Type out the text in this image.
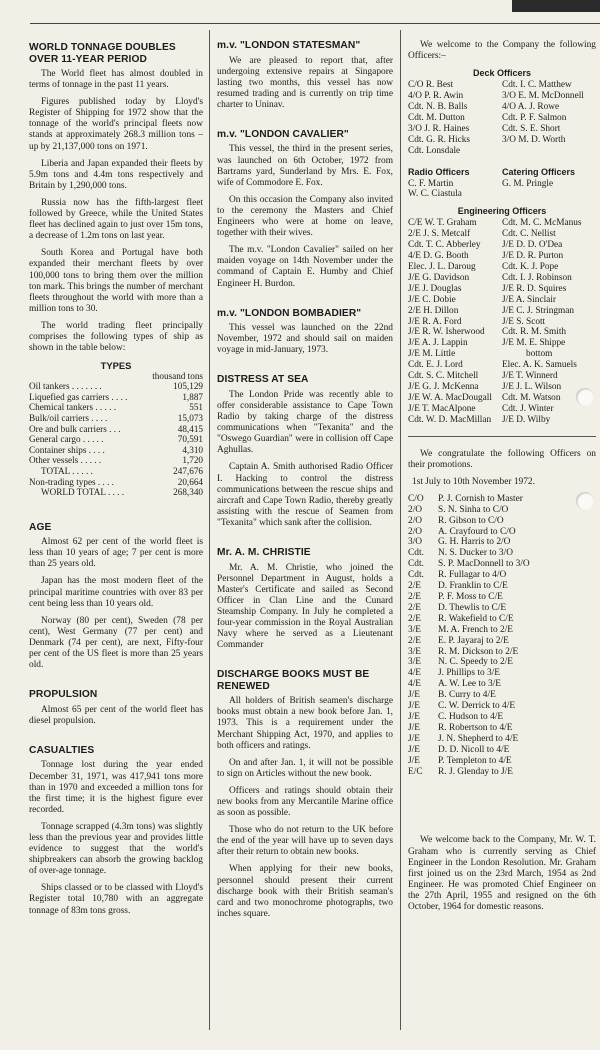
WORLD TONNAGE DOUBLES OVER 11-YEAR PERIOD

The World fleet has almost doubled in terms of tonnage in the past 11 years.

Figures published today by Lloyd's Register of Shipping for 1972 show that the tonnage of the world's principal fleets now stands at approximately 268.3 million tons – up by 21,137,000 tons on 1971.

Liberia and Japan expanded their fleets by 5.9m tons and 4.4m tons respectively and Britain by 1,290,000 tons.

Russia now has the fifth-largest fleet followed by Greece, while the United States fleet has declined again to just over 15m tons, a decrease of 1.2m tons on last year.

South Korea and Portugal have both expanded their merchant fleets by over 100,000 tons to bring them over the million ton mark. This brings the number of merchant fleets throughout the world with more than a million tons to 30.

The world trading fleet principally comprises the following types of ship as shown in the table below:

TYPES
thousand tons
Oil tankers . . . . . . .	105,129
Liquefied gas carriers . . . .	1,887
Chemical tankers . . . . .	551
Bulk/oil carriers . . . .	15,073
Ore and bulk carriers . . .	48,415
General cargo . . . . .	70,591
Container ships . . . .	4,310
Other vessels . . . . .	1,720
TOTAL . . . . .	247,676
Non-trading types . . . .	20,664
WORLD TOTAL . . . .	268,340
AGE

Almost 62 per cent of the world fleet is less than 10 years of age; 7 per cent is more than 25 years old.

Japan has the most modern fleet of the principal maritime countries with over 83 per cent being less than 10 years old.

Norway (80 per cent), Sweden (78 per cent), West Germany (77 per cent) and Denmark (74 per cent), are next, Fifty-four per cent of the US fleet is more than 25 years old.

PROPULSION

Almost 65 per cent of the world fleet has diesel propulsion.

CASUALTIES

Tonnage lost during the year ended December 31, 1971, was 417,941 tons more than in 1970 and exceeded a million tons for the first time; it is the highest figure ever recorded.

Tonnage scrapped (4.3m tons) was slightly less than the previous year and provides little evidence to suggest that the world's shipbreakers can absorb the growing backlog of over-age tonnage.

Ships classed or to be classed with Lloyd's Register total 10,780 with an aggregate tonnage of 83m tons gross.

m.v. "LONDON STATESMAN"

We are pleased to report that, after undergoing extensive repairs at Singapore lasting two months, this vessel has now resumed trading and is currently on trip time charter to Uninav.

m.v. "LONDON CAVALIER"

This vessel, the third in the present series, was launched on 6th October, 1972 from Bartrams yard, Sunderland by Mrs. E. Fox, wife of Commodore E. Fox.

On this occasion the Company also invited to the ceremony the Masters and Chief Engineers who were at home on leave, together with their wives.

The m.v. "London Cavalier" sailed on her maiden voyage on 14th November under the command of Captain E. Humby and Chief Engineer H. Burdon.

m.v. "LONDON BOMBADIER"

This vessel was launched on the 22nd November, 1972 and should sail on maiden voyage in mid-January, 1973.

DISTRESS AT SEA

The London Pride was recently able to offer considerable assistance to Cape Town Radio by taking charge of the distress communications when "Texanita" and the "Oswego Guardian" were in collision off Cape Aghullas.

Captain A. Smith authorised Radio Officer I. Hacking to control the distress communications between the rescue ships and aircraft and Cape Town Radio, thereby greatly assisting with the rescue of Seamen from "Texanita" which sank after the collision.

Mr. A. M. CHRISTIE

Mr. A. M. Christie, who joined the Personnel Department in August, holds a Master's Certificate and sailed as Second Officer in Clan Line and the Cunard Steamship Company. In July he completed a four-year commission in the Royal Australian Navy where he served as a Lieutenant Commander

DISCHARGE BOOKS MUST BE RENEWED

All holders of British seamen's discharge books must obtain a new book before Jan. 1, 1973. This is a requirement under the Merchant Shipping Act, 1970, and applies to both officers and ratings.

On and after Jan. 1, it will not be possible to sign on Articles without the new book.

Officers and ratings should obtain their new books from any Mercantile Marine office as soon as possible.

Those who do not return to the UK before the end of the year will have up to seven days after their return to obtain new books.

When applying for their new books, personnel should present their current discharge book with their British seaman's card and two monochrome photographs, two inches square.

We welcome to the Company the following Officers:–

Deck Officers
C/O R. Best
4/O P. R. Awin
Cdt. N. B. Balls
Cdt. M. Dutton
3/O J. R. Haines
Cdt. G. R. Hicks
Cdt. Lonsdale
Cdt. I. C. Matthew
3/O E. M. McDonnell
4/O A. J. Rowe
Cdt. P. F. Salmon
Cdt. S. E. Short
3/O M. D. Worth
Radio Officers
C. F. Martin
W. C. Ciastula
Catering Officers
G. M. Pringle
Engineering Officers
C/E W. T. Graham
2/E J. S. Metcalf
Cdt. T. C. Abberley
4/E D. G. Booth
Elec. J. L. Daroug
J/E G. Davidson
J/E J. Douglas
J/E C. Dobie
2/E H. Dillon
J/E R. A. Ford
J/E R. W. Isherwood
J/E A. J. Lappin
J/E M. Little
Cdt. E. J. Lord
Cdt. S. C. Mitchell
J/E G. J. McKenna
J/E W. A. MacDougall
J/E T. MacAlpone
Cdt. W. D. MacMillan
Cdt. M. C. McManus
Cdt. C. Nellist
J/E D. D. O'Dea
J/E D. R. Purton
Cdt. K. J. Pope
Cdt. I. J. Robinson
J/E R. D. Squires
J/E A. Sinclair
J/E C. J. Stringman
J/E S. Scott
Cdt. R. M. Smith
J/E M. E. Shippe
bottom
Elec. A. K. Samuels
J/E T. Winnerd
J/E J. L. Wilson
Cdt. M. Watson
Cdt. J. Winter
J/E D. Wilby

We congratulate the following Officers on their promotions.

1st July to 10th November 1972.

C/O	P. J. Cornish to Master
2/O	S. N. Sinha to C/O
2/O	R. Gibson to C/O
2/O	A. Crayfourd to C/O
3/O	G. H. Harris to 2/O
Cdt.	N. S. Ducker to 3/O
Cdt.	S. P. MacDonnell to 3/O
Cdt.	R. Fullagar to 4/O
2/E	D. Franklin to C/E
2/E	P. F. Moss to C/E
2/E	D. Thewlis to C/E
2/E	R. Wakefield to C/E
3/E	M. A. French to 2/E
2/E	E. P. Jayaraj to 2/E
3/E	R. M. Dickson to 2/E
3/E	N. C. Speedy to 2/E
4/E	J. Phillips to 3/E
4/E	A. W. Lee to 3/E
J/E	B. Curry to 4/E
J/E	C. W. Derrick to 4/E
J/E	C. Hudson to 4/E
J/E	R. Robertson to 4/E
J/E	J. N. Shepherd to 4/E
J/E	D. D. Nicoll to 4/E
J/E	P. Templeton to 4/E
E/C	R. J. Glenday to J/E

We welcome back to the Company, Mr. W. T. Graham who is currently serving as Chief Engineer in the London Resolution. Mr. Graham first joined us on the 23rd March, 1954 as 2nd Engineer. He was promoted Chief Engineer on the 27th April, 1955 and resigned on the 6th October, 1964 for domestic reasons.
